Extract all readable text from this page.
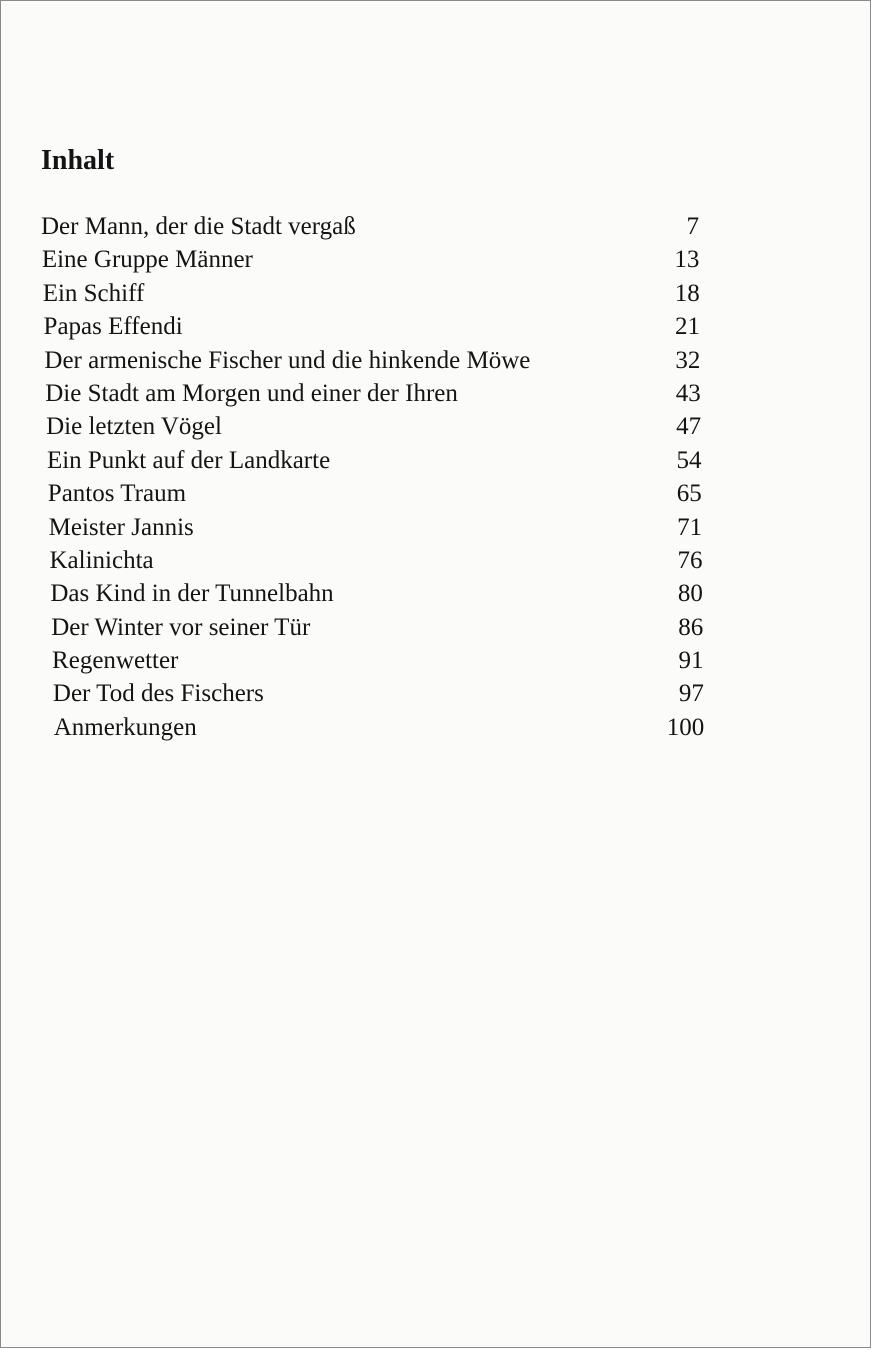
Inhalt
Der Mann, der die Stadt vergaß	7
Eine Gruppe Männer	13
Ein Schiff	18
Papas Effendi	21
Der armenische Fischer und die hinkende Möwe	32
Die Stadt am Morgen und einer der Ihren	43
Die letzten Vögel	47
Ein Punkt auf der Landkarte	54
Pantos Traum	65
Meister Jannis	71
Kalinichta	76
Das Kind in der Tunnelbahn	80
Der Winter vor seiner Tür	86
Regenwetter	91
Der Tod des Fischers	97
Anmerkungen	100
